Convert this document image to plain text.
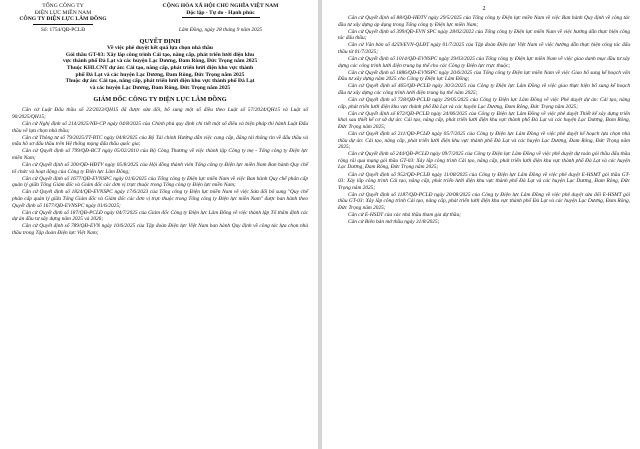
TỔNG CÔNG TY
ĐIỆN LỰC MIỀN NAM
CÔNG TY ĐIỆN LỰC LÂM ĐỒNG
CỘNG HÒA XÃ HỘI CHỦ NGHĨA VIỆT NAM
Độc lập - Tự do - Hạnh phúc
Số: 1754/QĐ-PCLĐ	Lâm Đồng, ngày 28 tháng 9 năm 2025
QUYẾT ĐỊNH
Về việc phê duyệt kết quả lựa chọn nhà thầu
Gói thầu GT-03: Xây lắp công trình Cải tạo, nâng cấp, phát triển lưới điện khu
vực thành phố Đà Lạt và các huyện Lạc Dương, Đam Rông, Đức Trọng năm 2025
Thuộc KHLCNT dự án: Cải tạo, nâng cấp, phát triển lưới điện khu vực thành
phố Đà Lạt và các huyện Lạc Dương, Đam Rông, Đức Trọng năm 2025
Thuộc dự án: Cải tạo, nâng cấp, phát triển lưới điện khu vực thành phố Đà Lạt
và các huyện Lạc Dương, Đam Rông, Đức Trọng năm 2025
GIÁM ĐỐC CÔNG TY ĐIỆN LỰC LÂM ĐỒNG

Căn cứ Luật Đấu thầu số 22/2023/QH15 đã được sửa đổi, bổ sung một số điều theo Luật số 57/2024/QH15 và Luật số 90/2025/QH15;

Căn cứ Nghị định số 214/2025/NĐ-CP ngày 04/8/2025 của Chính phủ quy định chi tiết một số điều và biện pháp thi hành Luật Đấu thầu về lựa chọn nhà thầu;

Căn cứ Thông tư số 79/2025/TT-BTC ngày 04/8/2025 của Bộ Tài chính Hướng dẫn việc cung cấp, đăng tải thông tin về đấu thầu và mẫu hồ sơ đấu thầu trên Hệ thống mạng đấu thầu quốc gia;

Căn cứ Quyết định số 799/QĐ-BCT ngày 05/02/2010 của Bộ Công Thương về việc thành lập Công ty mẹ - Tổng công ty Điện lực miền Nam;

Căn cứ Quyết định số 200/QĐ-HĐTV ngày 05/8/2025 của Hội đồng thành viên Tổng công ty Điện lực miền Nam Ban hành Quy chế tổ chức và hoạt động của Công ty Điện lực Lâm Đồng;

Căn cứ Quyết định số 1677/QĐ-EVNSPC ngày 01/6/2025 của Tổng công ty Điện lực miền Nam về việc Ban hành Quy chế phân cấp quản lý giữa Tổng Giám đốc và Giám đốc các đơn vị trực thuộc trong Tổng công ty Điện lực miền Nam;

Căn cứ Quyết định số 1824/QĐ-EVNSPC ngày 17/6/2023 của Tổng công ty Điện lực miền Nam về việc Sửa đổi bổ sung "Quy chế phân cấp quản lý giữa Tổng Giám đốc và Giám đốc các đơn vị trực thuộc trong Tổng công ty Điện lực miền Nam" được ban hành theo Quyết định số 1677/QĐ-EVNSPC ngày 01/6/2025;

Căn cứ Quyết định số 187/QĐ-PCLĐ ngày 04/7/2025 của Giám đốc Công ty Điện lực Lâm Đồng về việc thành lập Tổ thẩm định các dự án đầu tư xây dựng năm 2025 và 2026;

Căn cứ Quyết định số 789/QĐ-EVN ngày 10/6/2025 của Tập đoàn Điện lực Việt Nam ban hành Quy định về công tác lựa chọn nhà thầu trong Tập đoàn Điện lực Việt Nam;

2

Căn cứ Quyết định số 88/QĐ-HĐTV ngày 29/5/2025 của Tổng công ty Điện lực miền Nam về việc Ban hành Quy định về công tác đầu tư xây dựng áp dụng trong Tổng công ty Điện lực miền Nam;

Căn cứ Quyết định số 399/QĐ-EVN SPC ngày 28/02/2022 của Tổng công ty Điện lực miền Nam về việc hướng dẫn thực hiện công tác đấu thầu;

Căn cứ Văn bản số 4259/EVN-QLĐT ngày 01/7/2025 của Tập đoàn Điện lực Việt Nam về việc hướng dẫn thực hiện công tác đấu thầu từ 01/7/2025;

Căn cứ Quyết định số 1014/QĐ-EVNSPC ngày 29/03/2025 của Tổng công ty Điện lực miền Nam về việc giao danh mục đầu tư xây dựng các công trình lưới điện trung hạ thế cho các Công ty Điện lực trực thuộc;

Căn cứ Quyết định số 1886/QĐ-EVNSPC ngày 20/6/2025 của Tổng công ty Điện lực miền Nam về việc Giao bổ sung kế hoạch vốn Đầu tư xây dựng năm 2025 cho Công ty Điện lực Lâm Đồng;

Căn cứ Quyết định số 465/QĐ-PCLĐ ngày 30/3/2025 của Công ty Điện lực Lâm Đồng về việc giao thực hiện bổ sung kế hoạch đầu tư xây dựng các công trình lưới điện trung hạ thế năm 2025;

Căn cứ Quyết định số 728/QĐ-PCLĐ ngày 29/05/2025 của Công ty Điện lực Lâm Đồng về việc Phê duyệt dự án: Cải tạo, nâng cấp, phát triển lưới điện khu vực thành phố Đà Lạt và các huyện Lạc Dương, Đam Rông, Đức Trọng năm 2025;

Căn cứ Quyết định số 872/QĐ-PCLĐ ngày 24/06/2025 của Công ty Điện lực Lâm Đồng về việc phê duyệt Thiết kế xây dựng triển khai sau thiết kế cơ sở dự án: Cải tạo, nâng cấp, phát triển lưới điện khu vực thành phố Đà Lạt và các huyện Lạc Dương, Đam Rông, Đức Trọng năm 2025;

Căn cứ Quyết định số 211/QĐ-PCLĐ ngày 05/7/2025 của Công ty Điện lực Lâm Đồng về việc phê duyệt kế hoạch lựa chọn nhà thầu dự án: Cải tạo, nâng cấp, phát triển lưới điện khu vực thành phố Đà Lạt và các huyện Lạc Dương, Đam Rông, Đức Trọng năm 2025;

Căn cứ Quyết định số 244/QĐ-PCLĐ ngày 09/7/2025 của Công ty Điện lực Lâm Đồng về việc phê duyệt dự toán gói thầu đấu thầu rộng rãi qua mạng gói thầu GT-03: Xây lắp công trình Cải tạo, nâng cấp, phát triển lưới điện khu vực thành phố Đà Lạt và các huyện Lạc Dương, Đam Rông, Đức Trọng năm 2025;

Căn cứ Quyết định số 952/QĐ-PCLĐ ngày 11/08/2025 của Công ty Điện lực Lâm Đồng về việc phê duyệt E-HSMT gói thầu GT-03: Xây lắp công trình Cải tạo, nâng cấp, phát triển lưới điện khu vực thành phố Đà Lạt và các huyện Lạc Dương, Đam Rông, Đức Trọng năm 2025;

Căn cứ Quyết định số 1187/QĐ-PCLĐ ngày 20/08/2025 của Công ty Điện lực Lâm Đồng về việc phê duyệt sửa đổi E-HSMT gói thầu GT-03: Xây lắp công trình Cải tạo, nâng cấp, phát triển lưới điện khu vực thành phố Đà Lạt và các huyện Lạc Dương, Đam Rông, Đức Trọng năm 2025;

Căn cứ E-HSDT của các nhà thầu tham gia dự thầu;

Căn cứ Biên bản mở thầu ngày 31/8/2025;
